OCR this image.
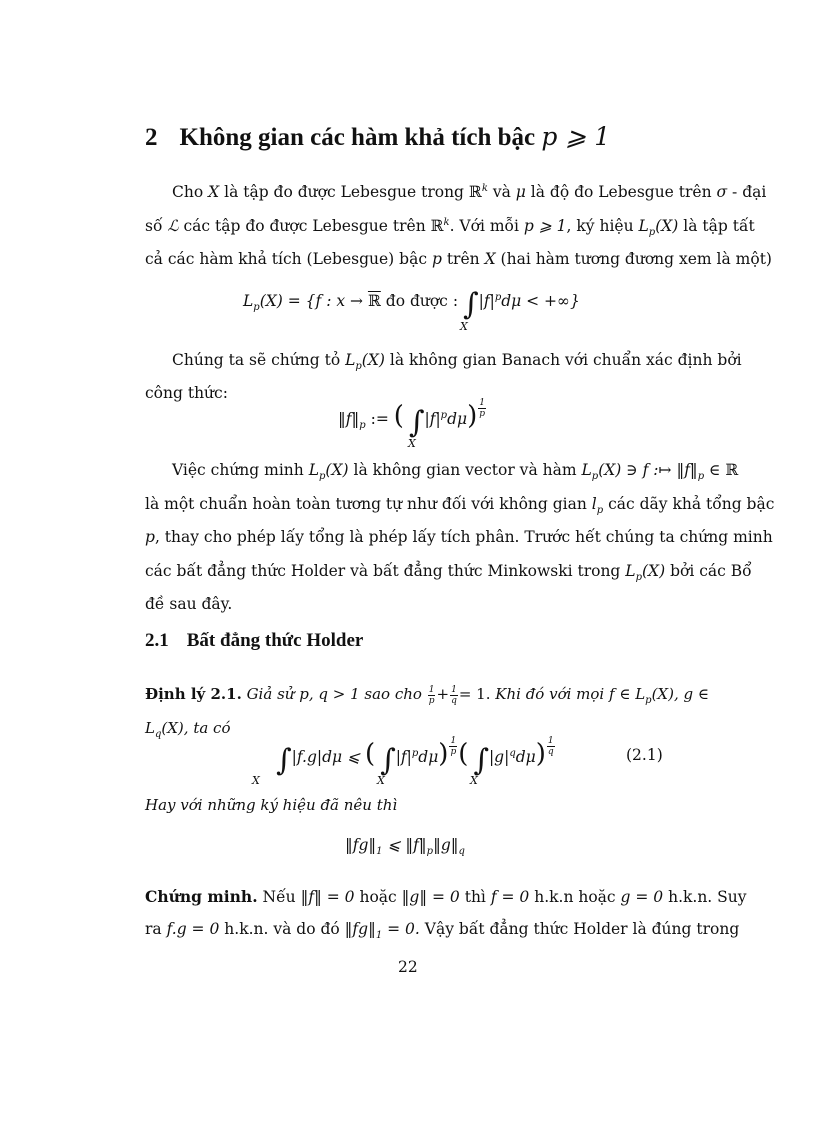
2 Không gian các hàm khả tích bậc p ⩾ 1
Cho X là tập đo được Lebesgue trong ℝ$^k$ và μ là độ đo Lebesgue trên σ - đại
số ℒ các tập đo được Lebesgue trên ℝ$^k$. Với mỗi p ⩾ 1, ký hiệu $L_p(X)$ là tập tất
cả các hàm khả tích (Lebesgue) bậc p trên X (hai hàm tương đương xem là một)
$L_p(X) = \{f$ : x → ℝ đo được : $\int|f|^pd\mu$ < +∞}
X
Chúng ta sẽ chứng tỏ $L_p(X)$ là không gian Banach với chuẩn xác định bởi
công thức:
$‖f‖_p$ := ( $\int|f|^pd\mu) \frac{1}{p}$
X
Việc chứng minh $L_p(X)$ là không gian vector và hàm $L_p(X)$ ∋ f :↦ $‖f‖_p$ ∈ ℝ
là một chuẩn hoàn toàn tương tự như đối với không gian $l_p$ các dãy khả tổng bậc
p, thay cho phép lấy tổng là phép lấy tích phân. Trước hết chúng ta chứng minh
các bất đẳng thức Holder và bất đẳng thức Minkowski trong $L_p(X)$ bởi các Bổ
đề sau đây.
2.1 Bất đẳng thức Holder
Định lý 2.1. Giả sử p, q > 1 sao cho $\frac{1}{p} + \frac{1}{q} = 1$. Khi đó với mọi f ∈ $L_p(X)$, g ∈
$L_q(X)$, ta có
∫|f.g|dμ ⩽ ( $\int|f|^pd\mu) \frac{1}{p}$ ( $\int|g|^qd\mu) \frac{1}{q}$
X	X	X
(2.1)
Hay với những ký hiệu đã nêu thì
$‖fg‖_1$ ⩽ $‖f‖_p‖g‖_q$
Chứng minh. Nếu ‖f‖ = 0 hoặc ‖g‖ = 0 thì f = 0 h.k.n hoặc g = 0 h.k.n. Suy
ra f.g = 0 h.k.n. và do đó $‖fg‖_1 = 0$. Vậy bất đẳng thức Holder là đúng trong
22
